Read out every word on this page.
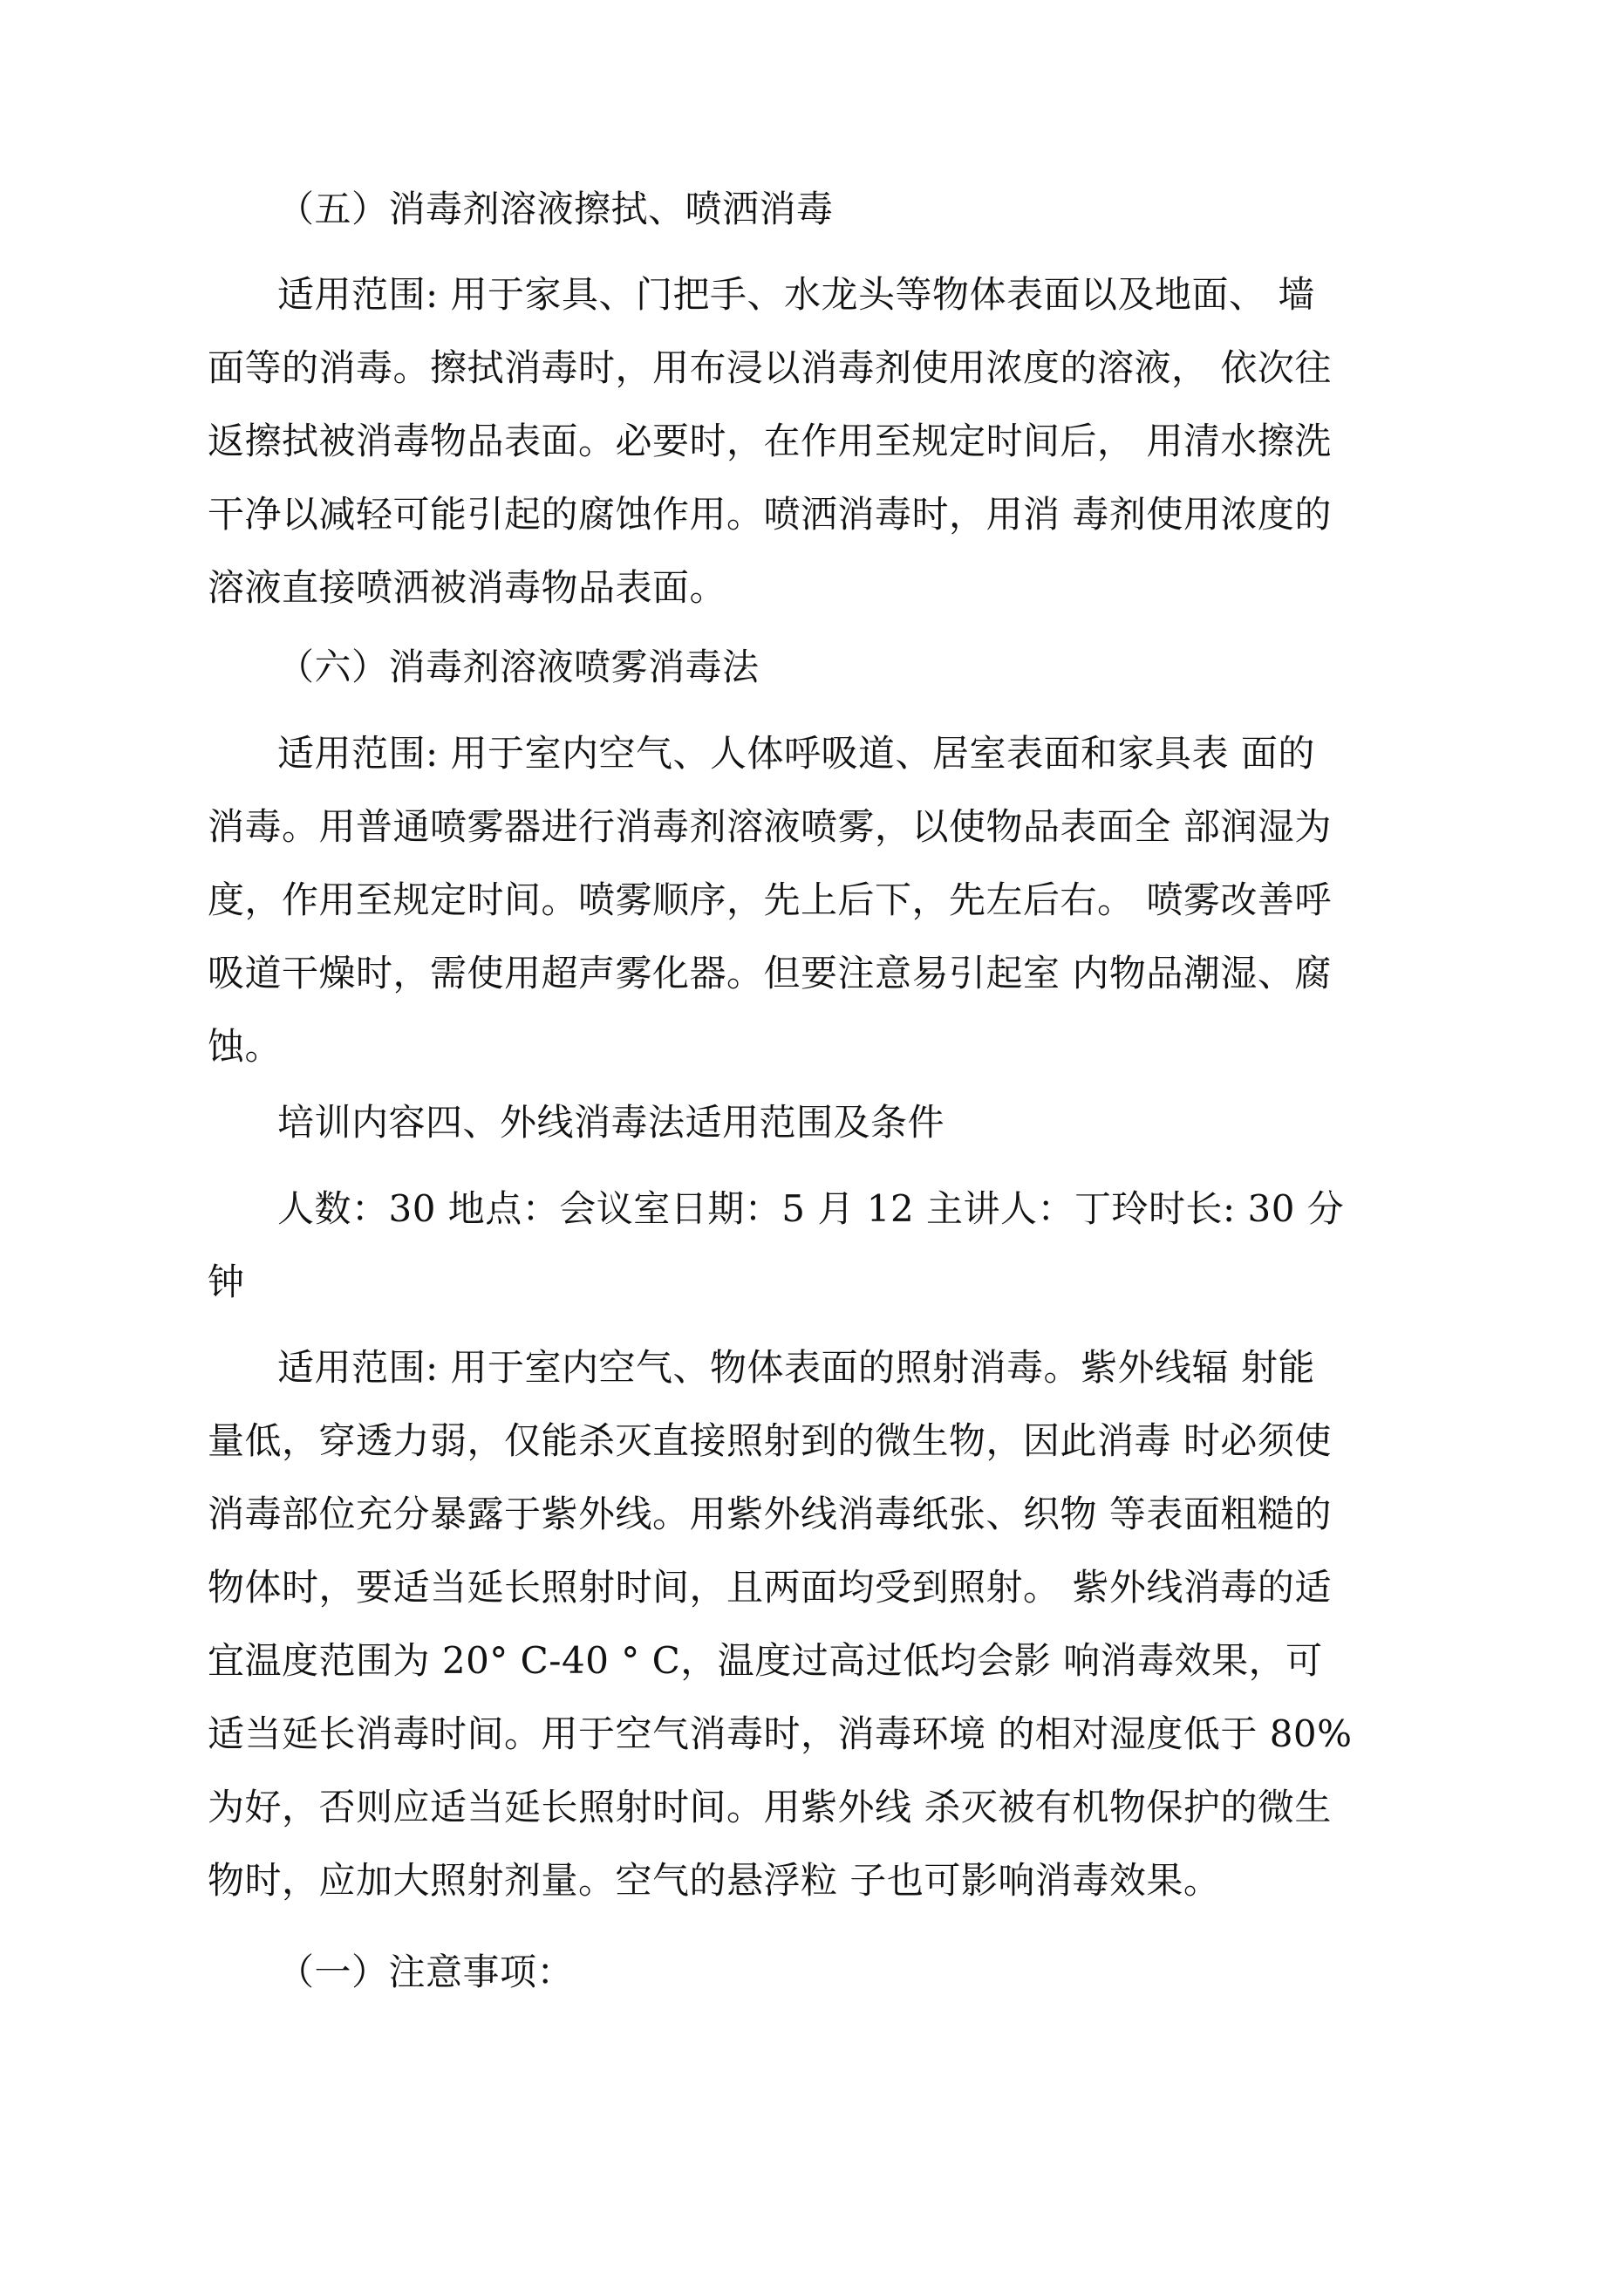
（五）消毒剂溶液擦拭、喷洒消毒
适用范围: 用于家具、门把手、水龙头等物体表面以及地面、 墙
面等的消毒。擦拭消毒时，用布浸以消毒剂使用浓度的溶液， 依次往
返擦拭被消毒物品表面。必要时，在作用至规定时间后， 用清水擦洗
干净以减轻可能引起的腐蚀作用。喷洒消毒时，用消 毒剂使用浓度的
溶液直接喷洒被消毒物品表面。
（六）消毒剂溶液喷雾消毒法
适用范围: 用于室内空气、人体呼吸道、居室表面和家具表 面的
消毒。用普通喷雾器进行消毒剂溶液喷雾，以使物品表面全 部润湿为
度，作用至规定时间。喷雾顺序，先上后下，先左后右。 喷雾改善呼
吸道干燥时，需使用超声雾化器。但要注意易引起室 内物品潮湿、腐
蚀。
培训内容四、外线消毒法适用范围及条件
人数：30 地点：会议室日期：5 月 12 主讲人：丁玲时长: 30 分
钟
适用范围: 用于室内空气、物体表面的照射消毒。紫外线辐 射能
量低，穿透力弱，仅能杀灭直接照射到的微生物，因此消毒 时必须使
消毒部位充分暴露于紫外线。用紫外线消毒纸张、织物 等表面粗糙的
物体时，要适当延长照射时间，且两面均受到照射。 紫外线消毒的适
宜温度范围为 20° C-40 ° C，温度过高过低均会影 响消毒效果，可
适当延长消毒时间。用于空气消毒时，消毒环境 的相对湿度低于 80%
为好，否则应适当延长照射时间。用紫外线 杀灭被有机物保护的微生
物时，应加大照射剂量。空气的悬浮粒 子也可影响消毒效果。
（一）注意事项：
